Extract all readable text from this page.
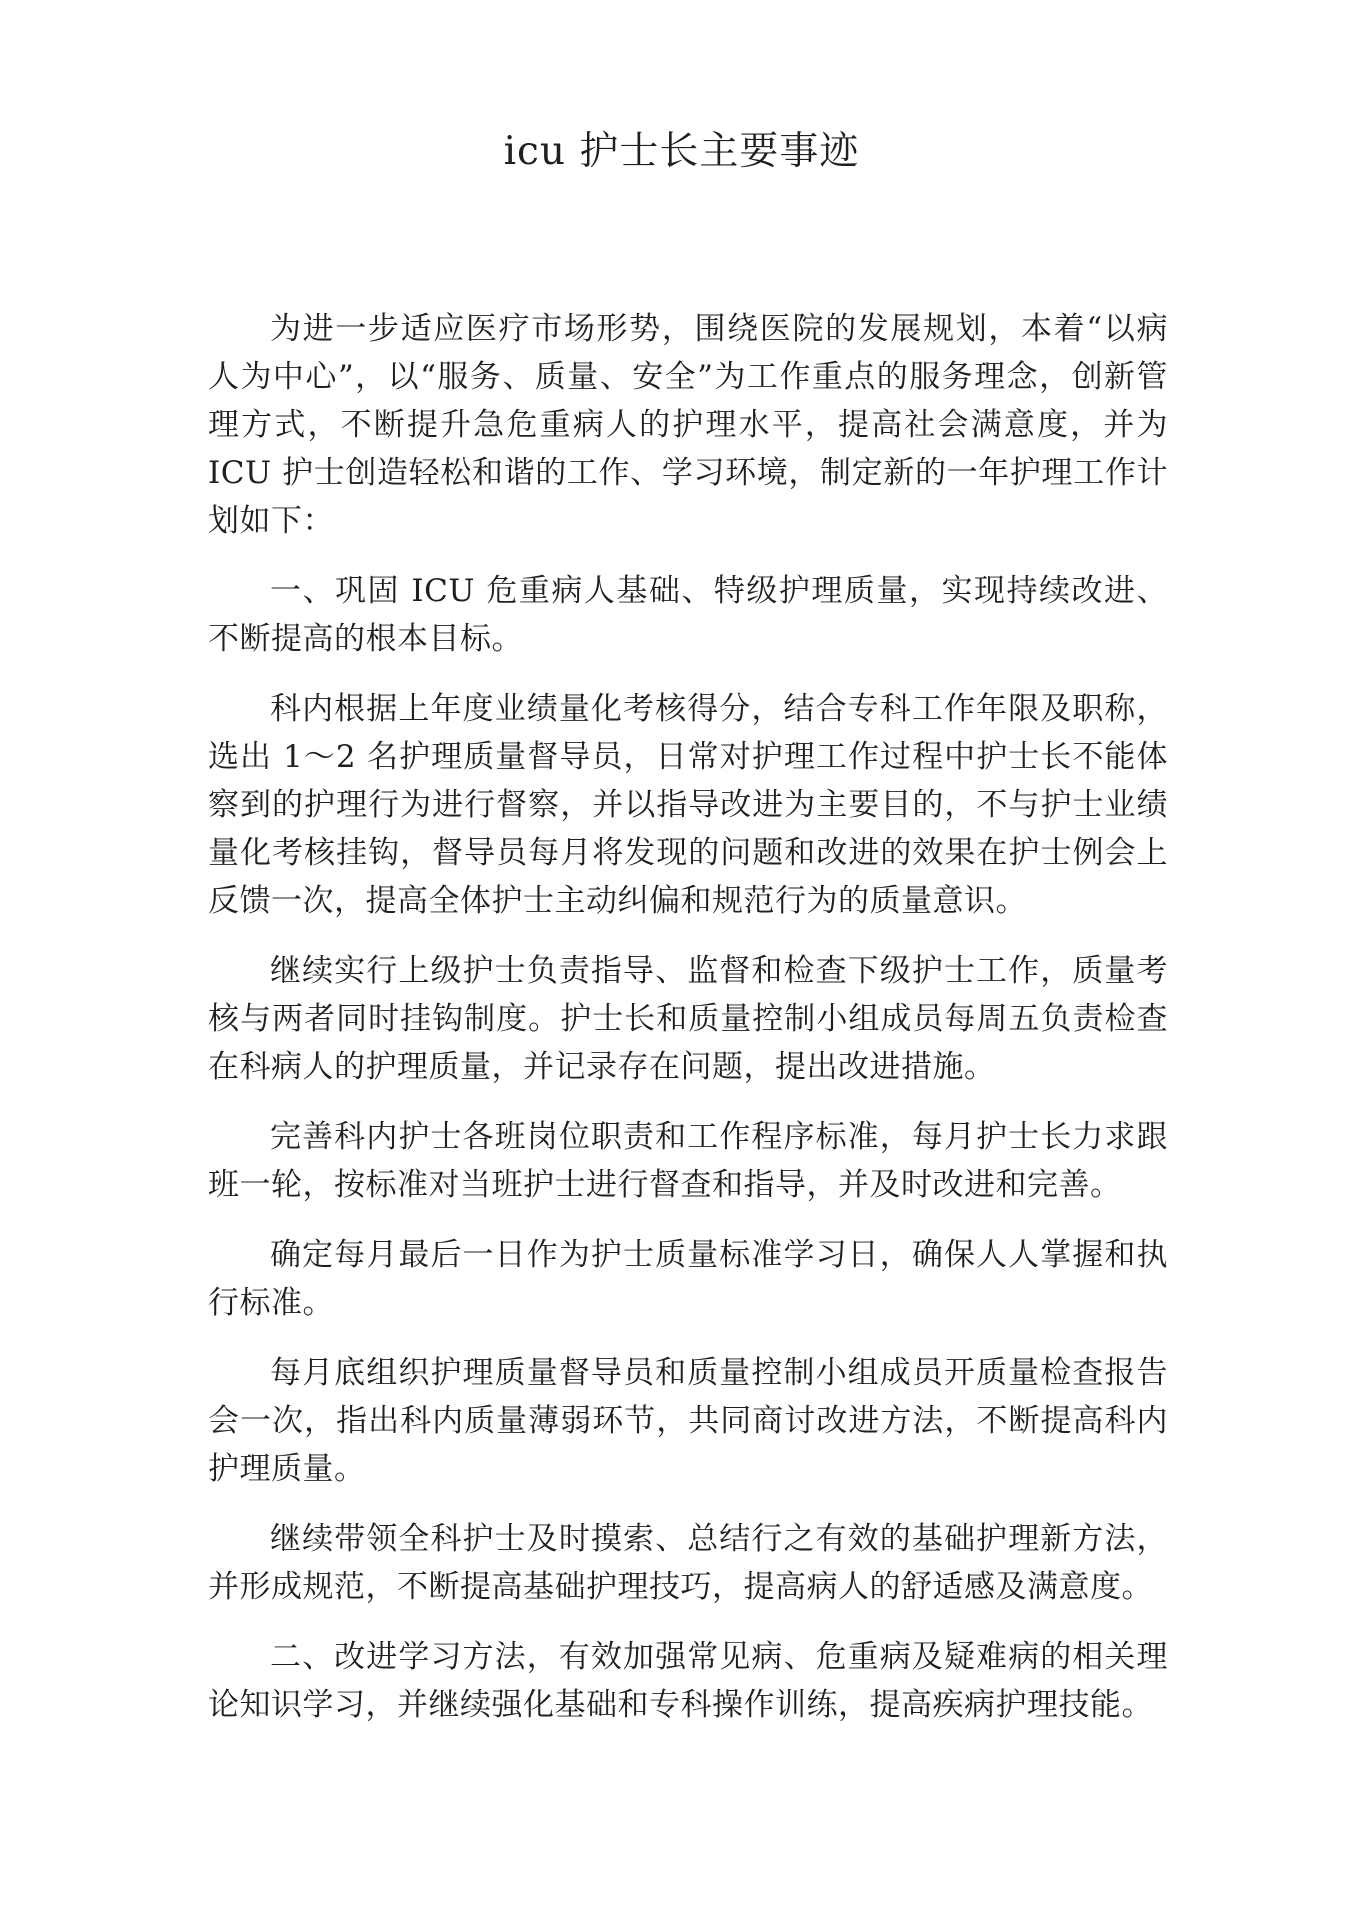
icu 护士长主要事迹

为进一步适应医疗市场形势，围绕医院的发展规划，本着“以病人为中心”，以“服务、质量、安全”为工作重点的服务理念，创新管理方式，不断提升急危重病人的护理水平，提高社会满意度，并为 ICU 护士创造轻松和谐的工作、学习环境，制定新的一年护理工作计划如下：

一、巩固 ICU 危重病人基础、特级护理质量，实现持续改进、不断提高的根本目标。

科内根据上年度业绩量化考核得分，结合专科工作年限及职称，选出 1～2 名护理质量督导员，日常对护理工作过程中护士长不能体察到的护理行为进行督察，并以指导改进为主要目的，不与护士业绩量化考核挂钩，督导员每月将发现的问题和改进的效果在护士例会上反馈一次，提高全体护士主动纠偏和规范行为的质量意识。

继续实行上级护士负责指导、监督和检查下级护士工作，质量考核与两者同时挂钩制度。护士长和质量控制小组成员每周五负责检查在科病人的护理质量，并记录存在问题，提出改进措施。

完善科内护士各班岗位职责和工作程序标准，每月护士长力求跟班一轮，按标准对当班护士进行督查和指导，并及时改进和完善。

确定每月最后一日作为护士质量标准学习日，确保人人掌握和执行标准。

每月底组织护理质量督导员和质量控制小组成员开质量检查报告会一次，指出科内质量薄弱环节，共同商讨改进方法，不断提高科内护理质量。

继续带领全科护士及时摸索、总结行之有效的基础护理新方法，并形成规范，不断提高基础护理技巧，提高病人的舒适感及满意度。

二、改进学习方法，有效加强常见病、危重病及疑难病的相关理论知识学习，并继续强化基础和专科操作训练，提高疾病护理技能。
